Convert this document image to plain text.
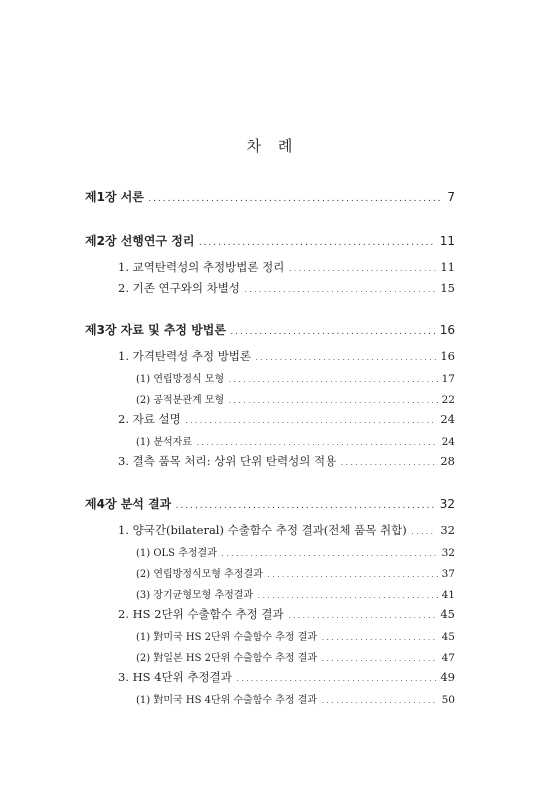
차 례
제1장 서론 . . .	7
제2장 선행연구 정리 . . .	11
1. 교역탄력성의 추정방법론 정리 . . .	11
2. 기존 연구와의 차별성 . . .	15
제3장 자료 및 추정 방법론 . . .	16
1. 가격탄력성 추정 방법론 . . .	16
(1) 연립방정식 모형 . . .	17
(2) 공적분관계 모형 . . .	22
2. 자료 설명 . . .	24
(1) 분석자료 . . .	24
3. 결측 품목 처리: 상위 단위 탄력성의 적용 . . .	28
제4장 분석 결과 . . .	32
1. 양국간(bilateral) 수출함수 추정 결과(전체 품목 취합) . . .	32
(1) OLS 추정결과 . . .	32
(2) 연립방정식모형 추정결과 . . .	37
(3) 장기균형모형 추정결과 . . .	41
2. HS 2단위 수출함수 추정 결과 . . .	45
(1) 對미국 HS 2단위 수출함수 추정 결과 . . .	45
(2) 對일본 HS 2단위 수출함수 추정 결과 . . .	47
3. HS 4단위 추정결과 . . .	49
(1) 對미국 HS 4단위 수출함수 추정 결과 . . .	50
